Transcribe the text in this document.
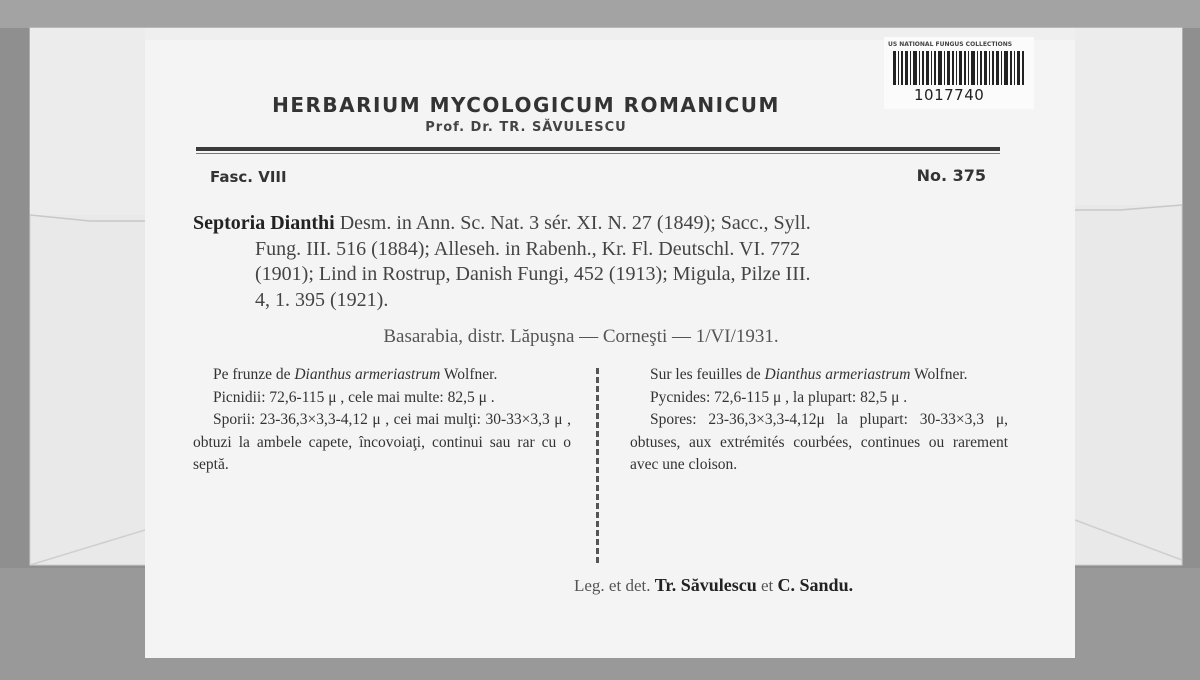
US NATIONAL FUNGUS COLLECTIONS
1017740
HERBARIUM MYCOLOGICUM ROMANICUM
Prof. Dr. TR. SĂVULESCU
Fasc. VIII	No. 375
Septoria Dianthi Desm. in Ann. Sc. Nat. 3 sér. XI. N. 27 (1849); Sacc., Syll.
Fung. III. 516 (1884); Alleseh. in Rabenh., Kr. Fl. Deutschl. VI. 772
(1901); Lind in Rostrup, Danish Fungi, 452 (1913); Migula, Pilze III.
4, 1. 395 (1921).
Basarabia, distr. Lăpuşna — Corneşti — 1/VI/1931.

Pe frunze de Dianthus armeriastrum Wolfner.

Picnidii: 72,6-115 μ , cele mai multe: 82,5 μ .

Sporii: 23-36,3×3,3-4,12 μ , cei mai mulţi: 30-33×3,3 μ , obtuzi la ambele capete, încovoiaţi, continui sau rar cu o septă.

Sur les feuilles de Dianthus armeriastrum Wolfner.

Pycnides: 72,6-115 μ , la plupart: 82,5 μ .

Spores: 23-36,3×3,3-4,12μ la plupart: 30-33×3,3 μ, obtuses, aux extrémités courbées, continues ou rarement avec une cloison.

Leg. et det. Tr. Săvulescu et C. Sandu.
